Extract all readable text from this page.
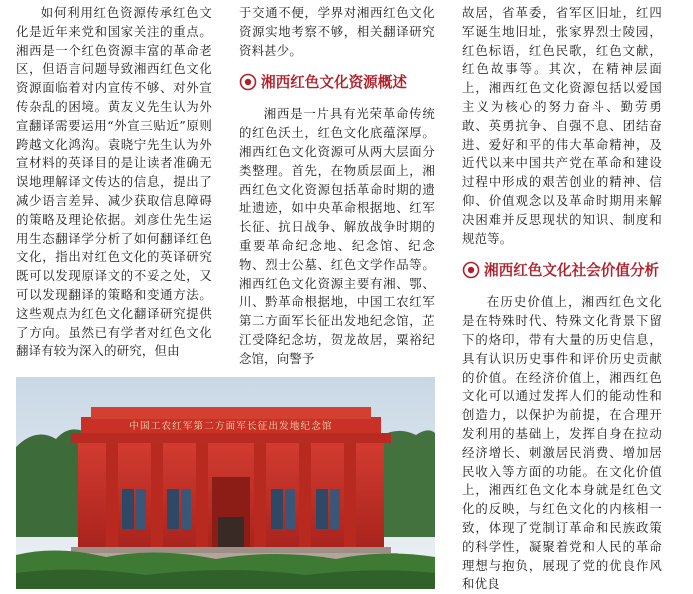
如何利用红色资源传承红色文化是近年来党和国家关注的重点。湘西是一个红色资源丰富的革命老区，但语言问题导致湘西红色文化资源面临着对内宣传不够、对外宣传杂乱的困境。黄友义先生认为外宣翻译需要运用“外宣三贴近”原则跨越文化鸿沟。袁晓宁先生认为外宣材料的英译目的是让读者准确无误地理解译文传达的信息，提出了减少语言差异、减少获取信息障碍的策略及理论依据。刘彦仕先生运用生态翻译学分析了如何翻译红色文化，指出对红色文化的英译研究既可以发现原译文的不妥之处，又可以发现翻译的策略和变通方法。这些观点为红色文化翻译研究提供了方向。虽然已有学者对红色文化翻译有较为深入的研究，但由

于交通不便，学界对湘西红色文化资源实地考察不够，相关翻译研究资料甚少。

湘西红色文化资源概述

湘西是一片具有光荣革命传统的红色沃土，红色文化底蕴深厚。湘西红色文化资源可从两大层面分类整理。首先，在物质层面上，湘西红色文化资源包括革命时期的遗址遗迹，如中央革命根据地、红军长征、抗日战争、解放战争时期的重要革命纪念地、纪念馆、纪念物、烈士公墓、红色文学作品等。湘西红色文化资源主要有湘、鄂、川、黔革命根据地，中国工农红军第二方面军长征出发地纪念馆，芷江受降纪念坊，贺龙故居，粟裕纪念馆，向警予

故居，省革委，省军区旧址，红四军诞生地旧址，张家界烈士陵园，红色标语，红色民歌，红色文献，红色故事等。其次，在精神层面上，湘西红色文化资源包括以爱国主义为核心的努力奋斗、勤劳勇敢、英勇抗争、自强不息、团结奋进、爱好和平的伟大革命精神，及近代以来中国共产党在革命和建设过程中形成的艰苦创业的精神、信仰、价值观念以及革命时期用来解决困难并反思现状的知识、制度和规范等。

湘西红色文化社会价值分析

在历史价值上，湘西红色文化是在特殊时代、特殊文化背景下留下的烙印，带有大量的历史信息，具有认识历史事件和评价历史贡献的价值。在经济价值上，湘西红色文化可以通过发挥人们的能动性和创造力，以保护为前提，在合理开发利用的基础上，发挥自身在拉动经济增长、刺激居民消费、增加居民收入等方面的功能。在文化价值上，湘西红色文化本身就是红色文化的反映，与红色文化的内核相一致，体现了党制订革命和民族政策的科学性，凝聚着党和人民的革命理想与抱负，展现了党的优良作风和优良

中国工农红军第二方面军长征出发地纪念馆
